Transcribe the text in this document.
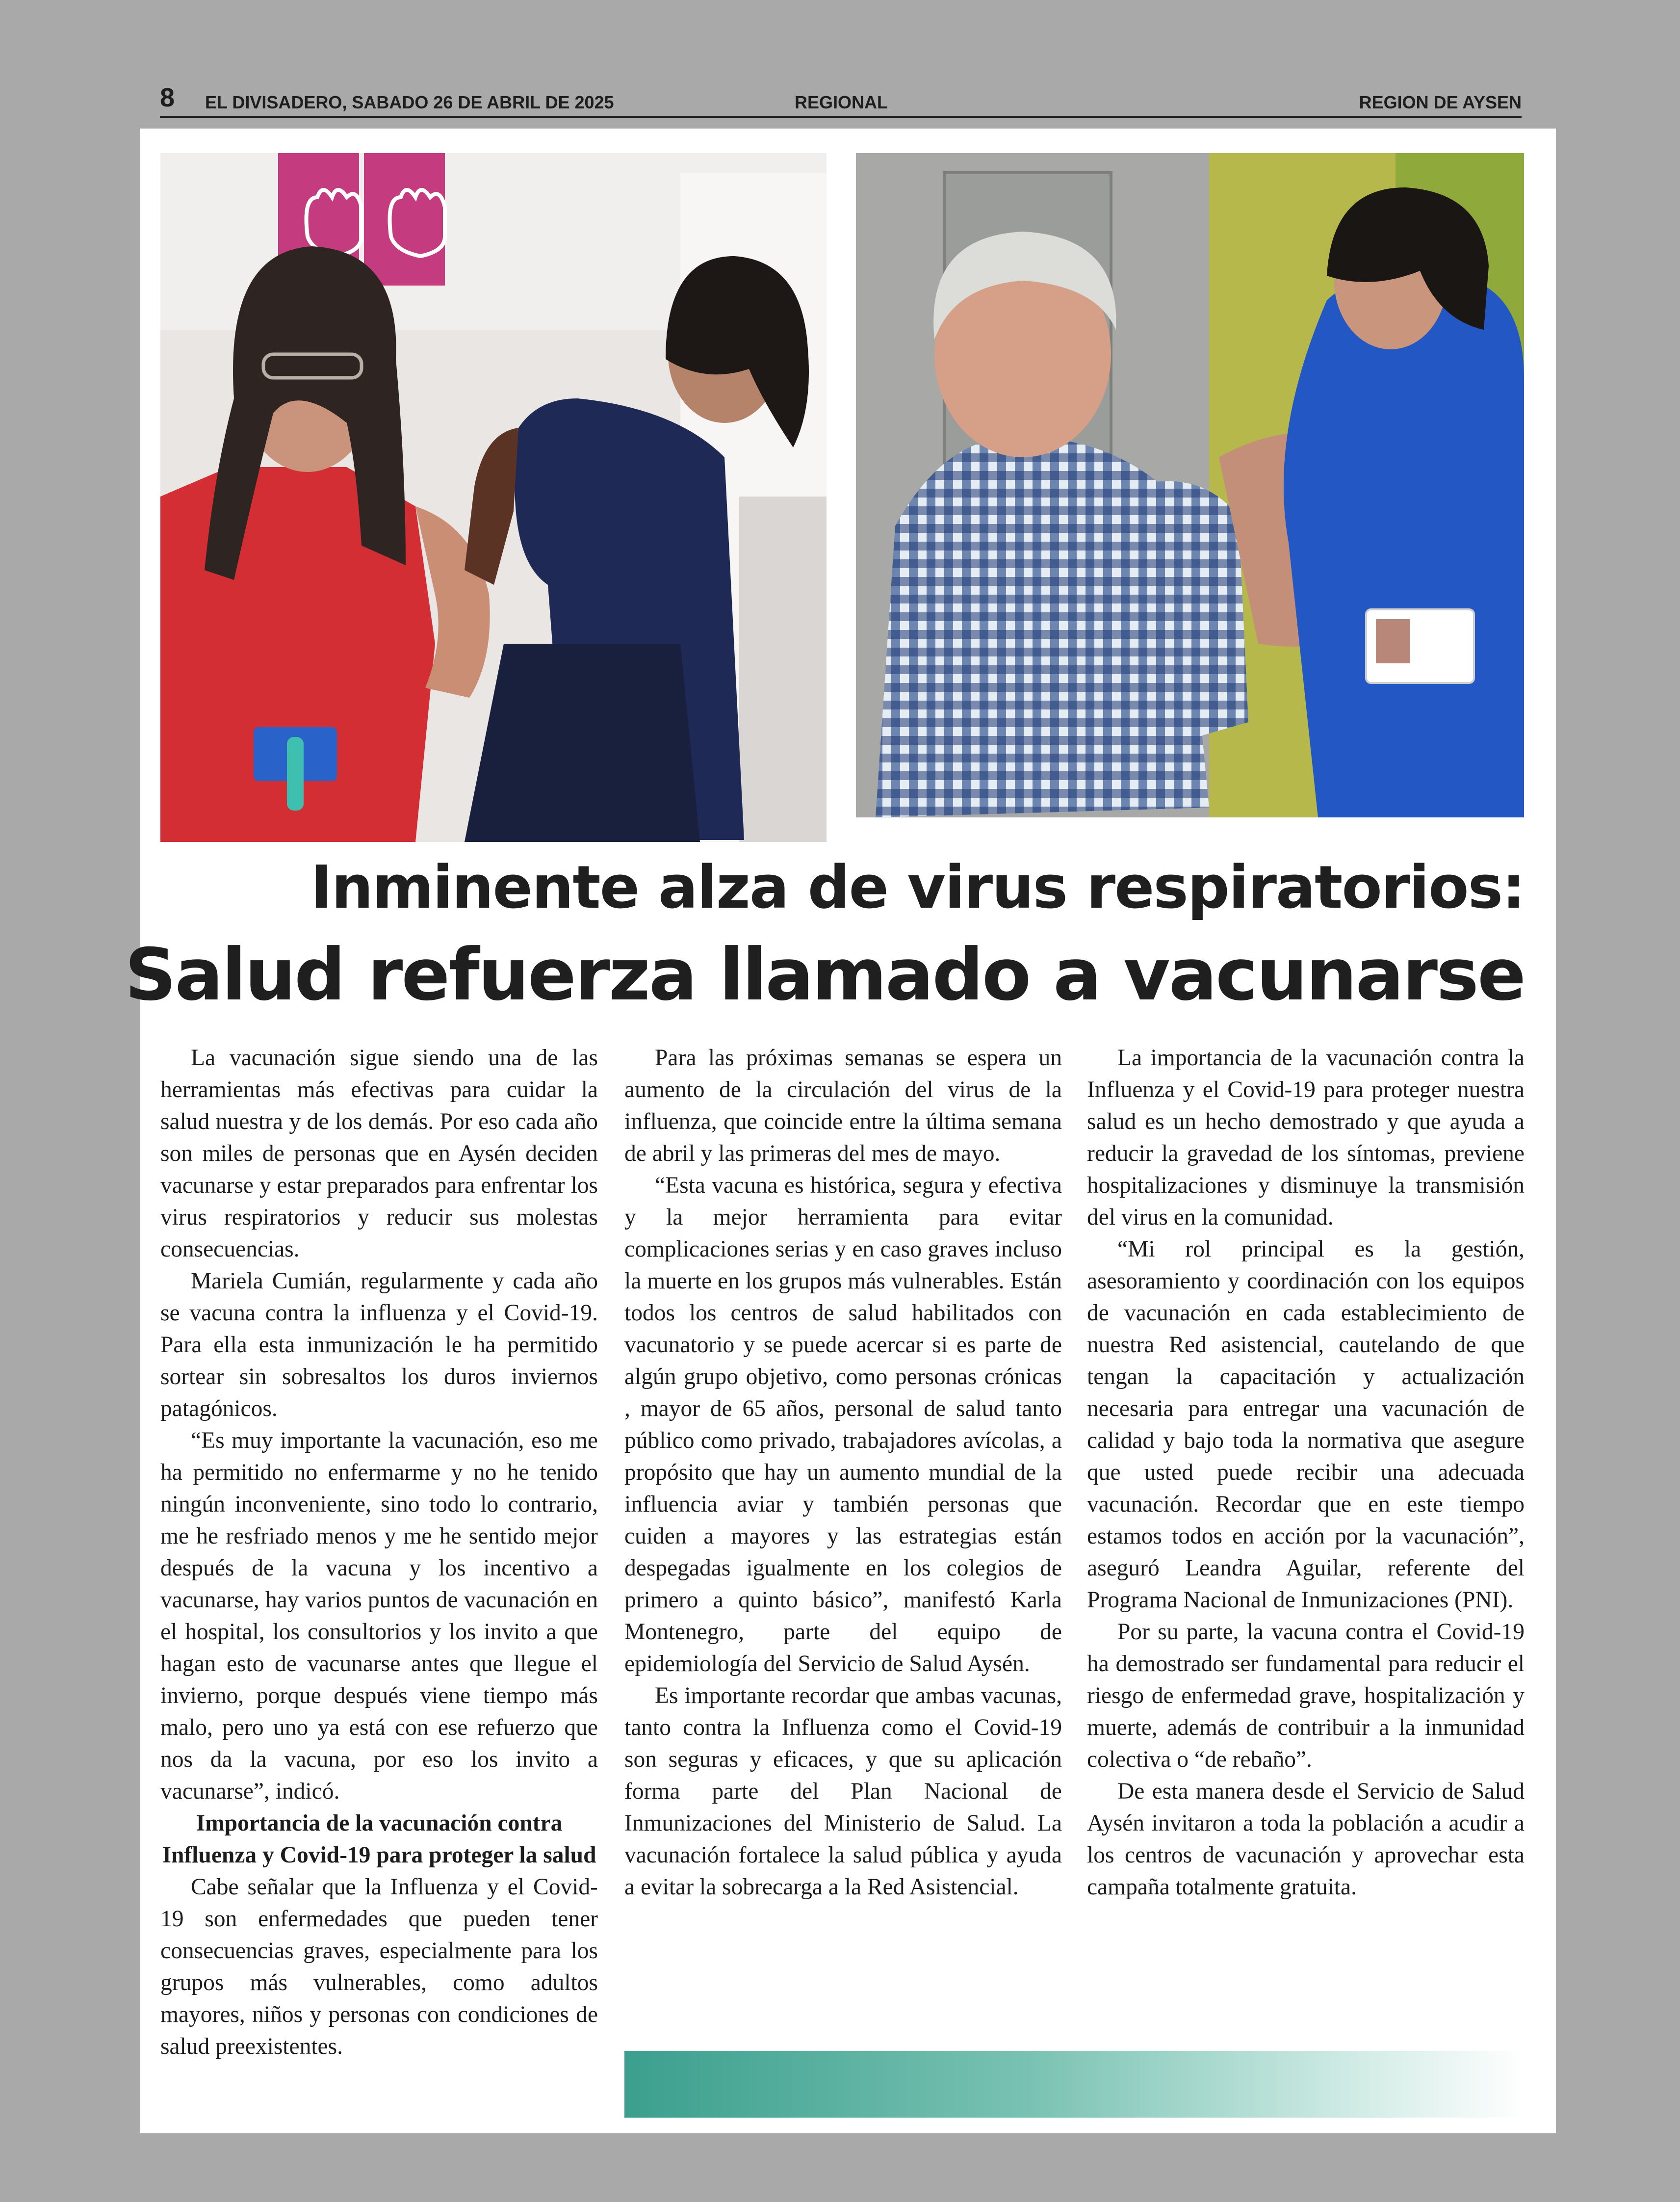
8 EL DIVISADERO, SABADO 26 DE ABRIL DE 2025	REGIONAL	REGION DE AYSEN
Inminente alza de virus respiratorios:
Salud refuerza llamado a vacunarse

La vacunación sigue siendo una de las herramientas más efectivas para cuidar la salud nuestra y de los demás. Por eso cada año son miles de personas que en Aysén deciden vacunarse y estar preparados para enfrentar los virus respiratorios y reducir sus molestas consecuencias.

Mariela Cumián, regularmente y cada año se vacuna contra la influenza y el Covid-19. Para ella esta inmunización le ha permitido sortear sin sobresaltos los duros inviernos patagónicos.

“Es muy importante la vacunación, eso me ha permitido no enfermarme y no he tenido ningún inconveniente, sino todo lo contrario, me he resfriado menos y me he sentido mejor después de la vacuna y los incentivo a vacunarse, hay varios puntos de vacunación en el hospital, los consultorios y los invito a que hagan esto de vacunarse antes que llegue el invierno, porque después viene tiempo más malo, pero uno ya está con ese refuerzo que nos da la vacuna, por eso los invito a vacunarse”, indicó.

Importancia de la vacunación contra Influenza y Covid-19 para proteger la salud

Cabe señalar que la Influenza y el Covid-19 son enfermedades que pueden tener consecuencias graves, especialmente para los grupos más vulnerables, como adultos mayores, niños y personas con condiciones de salud preexistentes.

Para las próximas semanas se espera un aumento de la circulación del virus de la influenza, que coincide entre la última semana de abril y las primeras del mes de mayo.

“Esta vacuna es histórica, segura y efectiva y la mejor herramienta para evitar complicaciones serias y en caso graves incluso la muerte en los grupos más vulnerables. Están todos los centros de salud habilitados con vacunatorio y se puede acercar si es parte de algún grupo objetivo, como personas crónicas , mayor de 65 años, personal de salud tanto público como privado, trabajadores avícolas, a propósito que hay un aumento mundial de la influencia aviar y también personas que cuiden a mayores y las estrategias están despegadas igualmente en los colegios de primero a quinto básico”, manifestó Karla Montenegro, parte del equipo de epidemiología del Servicio de Salud Aysén.

Es importante recordar que ambas vacunas, tanto contra la Influenza como el Covid-19 son seguras y eficaces, y que su aplicación forma parte del Plan Nacional de Inmunizaciones del Ministerio de Salud. La vacunación fortalece la salud pública y ayuda a evitar la sobrecarga a la Red Asistencial.

La importancia de la vacunación contra la Influenza y el Covid-19 para proteger nuestra salud es un hecho demostrado y que ayuda a reducir la gravedad de los síntomas, previene hospitalizaciones y disminuye la transmisión del virus en la comunidad.

“Mi rol principal es la gestión, asesoramiento y coordinación con los equipos de vacunación en cada establecimiento de nuestra Red asistencial, cautelando de que tengan la capacitación y actualización necesaria para entregar una vacunación de calidad y bajo toda la normativa que asegure que usted puede recibir una adecuada vacunación. Recordar que en este tiempo estamos todos en acción por la vacunación”, aseguró Leandra Aguilar, referente del Programa Nacional de Inmunizaciones (PNI).

Por su parte, la vacuna contra el Covid-19 ha demostrado ser fundamental para reducir el riesgo de enfermedad grave, hospitalización y muerte, además de contribuir a la inmunidad colectiva o “de rebaño”.

De esta manera desde el Servicio de Salud Aysén invitaron a toda la población a acudir a los centros de vacunación y aprovechar esta campaña totalmente gratuita.
